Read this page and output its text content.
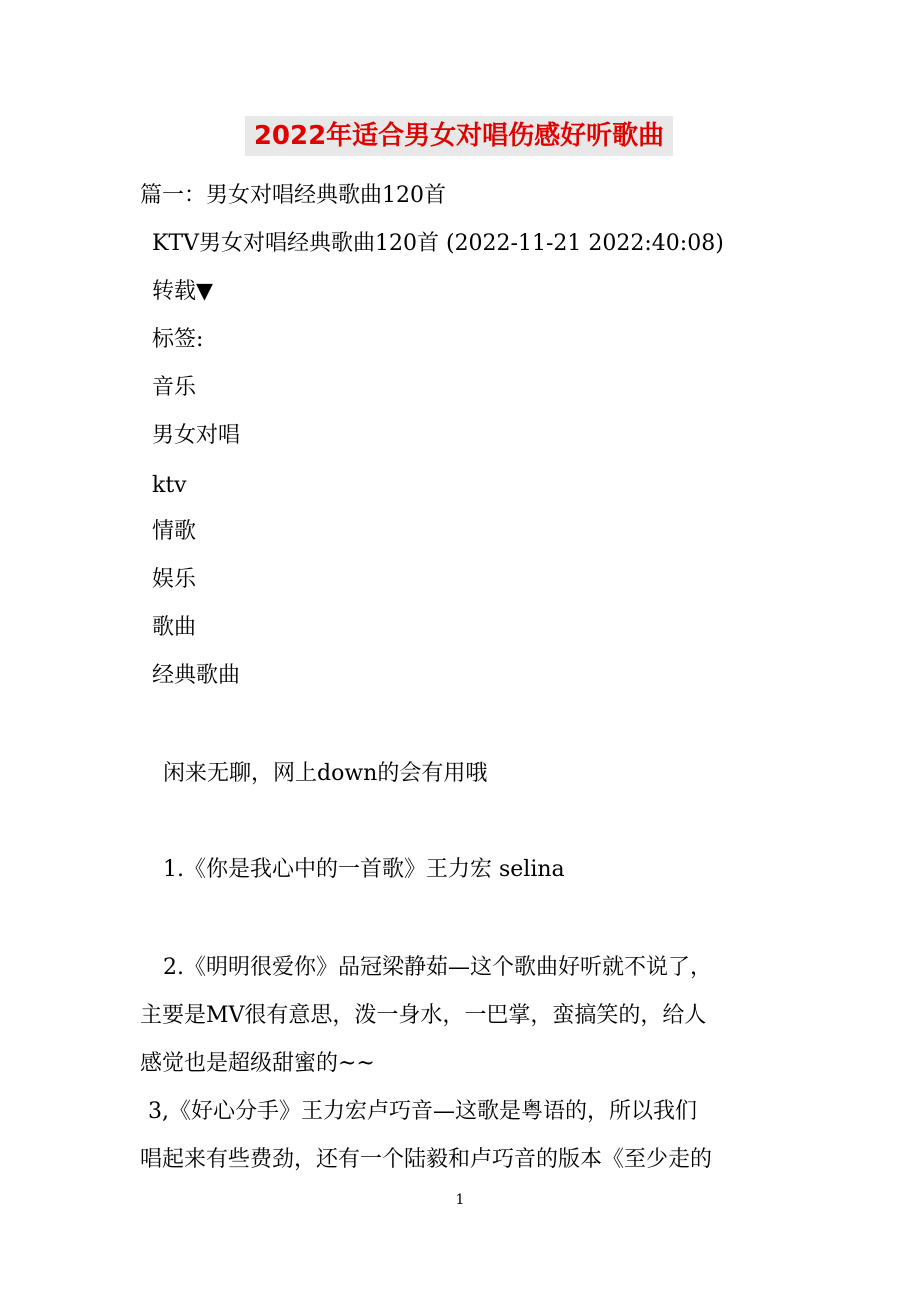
2022年适合男女对唱伤感好听歌曲
篇一：男女对唱经典歌曲120首
KTV男女对唱经典歌曲120首 (2022-11-21 2022:40:08)
转载▼
标签:
音乐
男女对唱
ktv
情歌
娱乐
歌曲
经典歌曲
闲来无聊，网上down的会有用哦
1.《你是我心中的一首歌》王力宏 selina
2.《明明很爱你》品冠梁静茹—这个歌曲好听就不说了，
主要是MV很有意思，泼一身水，一巴掌，蛮搞笑的，给人
感觉也是超级甜蜜的~~
3,《好心分手》王力宏卢巧音—这歌是粤语的，所以我们
唱起来有些费劲，还有一个陆毅和卢巧音的版本《至少走的
1
